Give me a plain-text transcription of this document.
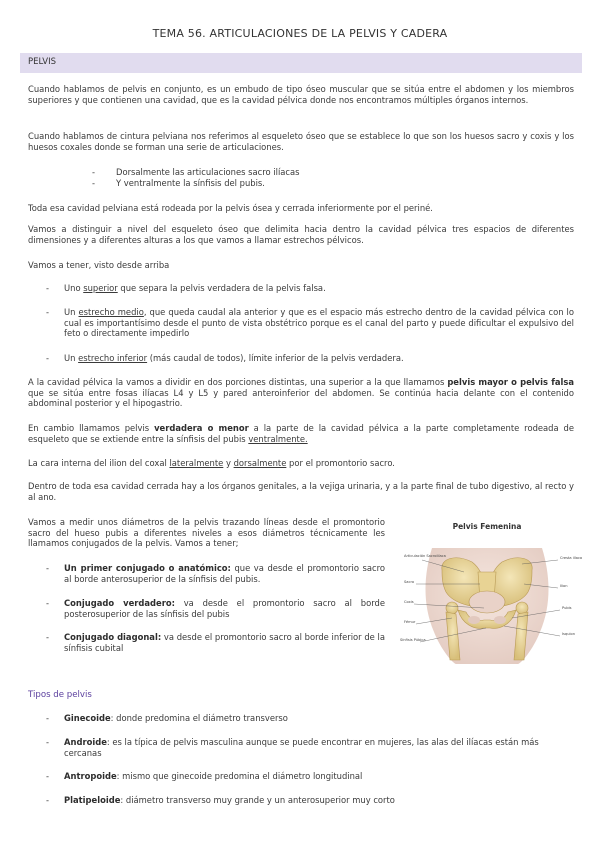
TEMA 56. ARTICULACIONES DE LA PELVIS Y CADERA
PELVIS
Cuando hablamos de pelvis en conjunto, es un embudo de tipo óseo muscular que se sitúa entre el abdomen y los miembros superiores y que contienen una cavidad, que es la cavidad pélvica donde nos encontramos múltiples órganos internos.
Cuando hablamos de cintura pelviana nos referimos al esqueleto óseo que se establece lo que son los huesos sacro y coxis y los huesos coxales donde se forman una serie de articulaciones.
- Dorsalmente las articulaciones sacro ilíacas
- Y ventralmente la sínfisis del pubis.
Toda esa cavidad pelviana está rodeada por la pelvis ósea y cerrada inferiormente por el periné.
Vamos a distinguir a nivel del esqueleto óseo que delimita hacia dentro la cavidad pélvica tres espacios de diferentes dimensiones y a diferentes alturas a los que vamos a llamar estrechos pélvicos.
Vamos a tener, visto desde arriba
- Uno superior que separa la pelvis verdadera de la pelvis falsa.
- Un estrecho medio, que queda caudal ala anterior y que es el espacio más estrecho dentro de la cavidad pélvica con lo cual es importantísimo desde el punto de vista obstétrico porque es el canal del parto y puede dificultar el expulsivo del feto o directamente impedirlo
- Un estrecho inferior (más caudal de todos), límite inferior de la pelvis verdadera.
A la cavidad pélvica la vamos a dividir en dos porciones distintas, una superior a la que llamamos pelvis mayor o pelvis falsa que se sitúa entre fosas ilíacas L4 y L5 y pared anteroinferior del abdomen. Se continúa hacia delante con el contenido abdominal posterior y el hipogastrio.
En cambio llamamos pelvis verdadera o menor a la parte de la cavidad pélvica a la parte completamente rodeada de esqueleto que se extiende entre la sínfisis del pubis ventralmente.
La cara interna del ilion del coxal lateralmente y dorsalmente por el promontorio sacro.
Dentro de toda esa cavidad cerrada hay a los órganos genitales, a la vejiga urinaria, y a la parte final de tubo digestivo, al recto y al ano.
Vamos a medir unos diámetros de la pelvis trazando líneas desde el promontorio sacro del hueso pubis a diferentes niveles a esos diámetros técnicamente les llamamos conjugados de la pelvis. Vamos a tener;
- Un primer conjugado o anatómico: que va desde el promontorio sacro al borde anterosuperior de la sínfisis del pubis.
- Conjugado verdadero: va desde el promontorio sacro al borde posterosuperior de las sínfisis del pubis
- Conjugado diagonal: va desde el promontorio sacro al borde inferior de la sínfisis cubital
Pelvis Femenina
Articulación Sacroilíaca
Sacro
Coxis
Fémur
Sínfisis Púbica
Cresta ilíaca
Ilion
Pubis
Isquion
Tipos de pelvis
- Ginecoide: donde predomina el diámetro transverso
- Androide: es la típica de pelvis masculina aunque se puede encontrar en mujeres, las alas del ilíacas están más cercanas
- Antropoide: mismo que ginecoide predomina el diámetro longitudinal
- Platipeloide: diámetro transverso muy grande y un anterosuperior muy corto
